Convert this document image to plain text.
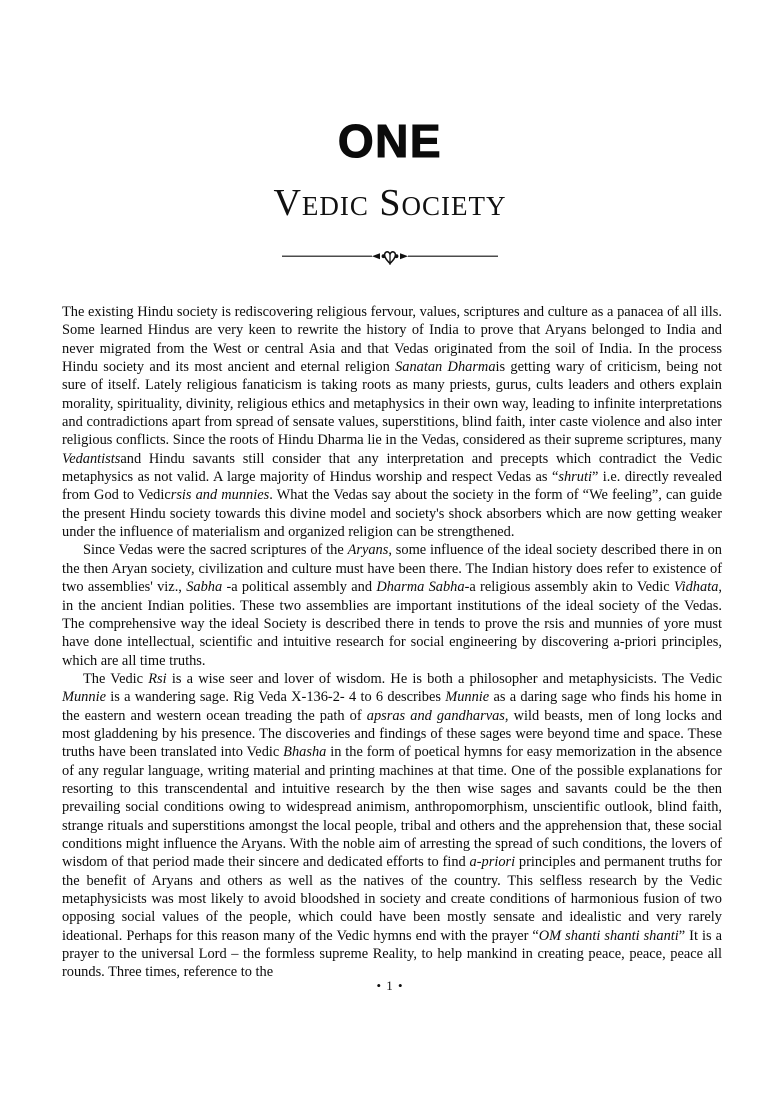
ONE
Vedic Society

The existing Hindu society is rediscovering religious fervour, values, scriptures and culture as a panacea of all ills. Some learned Hindus are very keen to rewrite the history of India to prove that Aryans belonged to India and never migrated from the West or central Asia and that Vedas originated from the soil of India. In the process Hindu society and its most ancient and eternal religion Sanatan Dharmais getting wary of criticism, being not sure of itself. Lately religious fanaticism is taking roots as many priests, gurus, cults leaders and others explain morality, spirituality, divinity, religious ethics and metaphysics in their own way, leading to infinite interpretations and contradictions apart from spread of sensate values, superstitions, blind faith, inter caste violence and also inter religious conflicts. Since the roots of Hindu Dharma lie in the Vedas, considered as their supreme scriptures, many Vedantistsand Hindu savants still consider that any interpretation and precepts which contradict the Vedic metaphysics as not valid. A large majority of Hindus worship and respect Vedas as “shruti” i.e. directly revealed from God to Vedicrsis and munnies. What the Vedas say about the society in the form of “We feeling”, can guide the present Hindu society towards this divine model and society's shock absorbers which are now getting weaker under the influence of materialism and organized religion can be strengthened.

Since Vedas were the sacred scriptures of the Aryans, some influence of the ideal society described there in on the then Aryan society, civilization and culture must have been there. The Indian history does refer to existence of two assemblies' viz., Sabha -a political assembly and Dharma Sabha-a religious assembly akin to Vedic Vidhata, in the ancient Indian polities. These two assemblies are important institutions of the ideal society of the Vedas. The comprehensive way the ideal Society is described there in tends to prove the rsis and munnies of yore must have done intellectual, scientific and intuitive research for social engineering by discovering a-priori principles, which are all time truths.

The Vedic Rsi is a wise seer and lover of wisdom. He is both a philosopher and metaphysicists. The Vedic Munnie is a wandering sage. Rig Veda X-136-2- 4 to 6 describes Munnie as a daring sage who finds his home in the eastern and western ocean treading the path of apsras and gandharvas, wild beasts, men of long locks and most gladdening by his presence. The discoveries and findings of these sages were beyond time and space. These truths have been translated into Vedic Bhasha in the form of poetical hymns for easy memorization in the absence of any regular language, writing material and printing machines at that time. One of the possible explanations for resorting to this transcendental and intuitive research by the then wise sages and savants could be the then prevailing social conditions owing to widespread animism, anthropomorphism, unscientific outlook, blind faith, strange rituals and superstitions amongst the local people, tribal and others and the apprehension that, these social conditions might influence the Aryans. With the noble aim of arresting the spread of such conditions, the lovers of wisdom of that period made their sincere and dedicated efforts to find a-priori principles and permanent truths for the benefit of Aryans and others as well as the natives of the country. This selfless research by the Vedic metaphysicists was most likely to avoid bloodshed in society and create conditions of harmonious fusion of two opposing social values of the people, which could have been mostly sensate and idealistic and very rarely ideational. Perhaps for this reason many of the Vedic hymns end with the prayer “OM shanti shanti shanti” It is a prayer to the universal Lord – the formless supreme Reality, to help mankind in creating peace, peace, peace all rounds. Three times, reference to the

• 1 •
